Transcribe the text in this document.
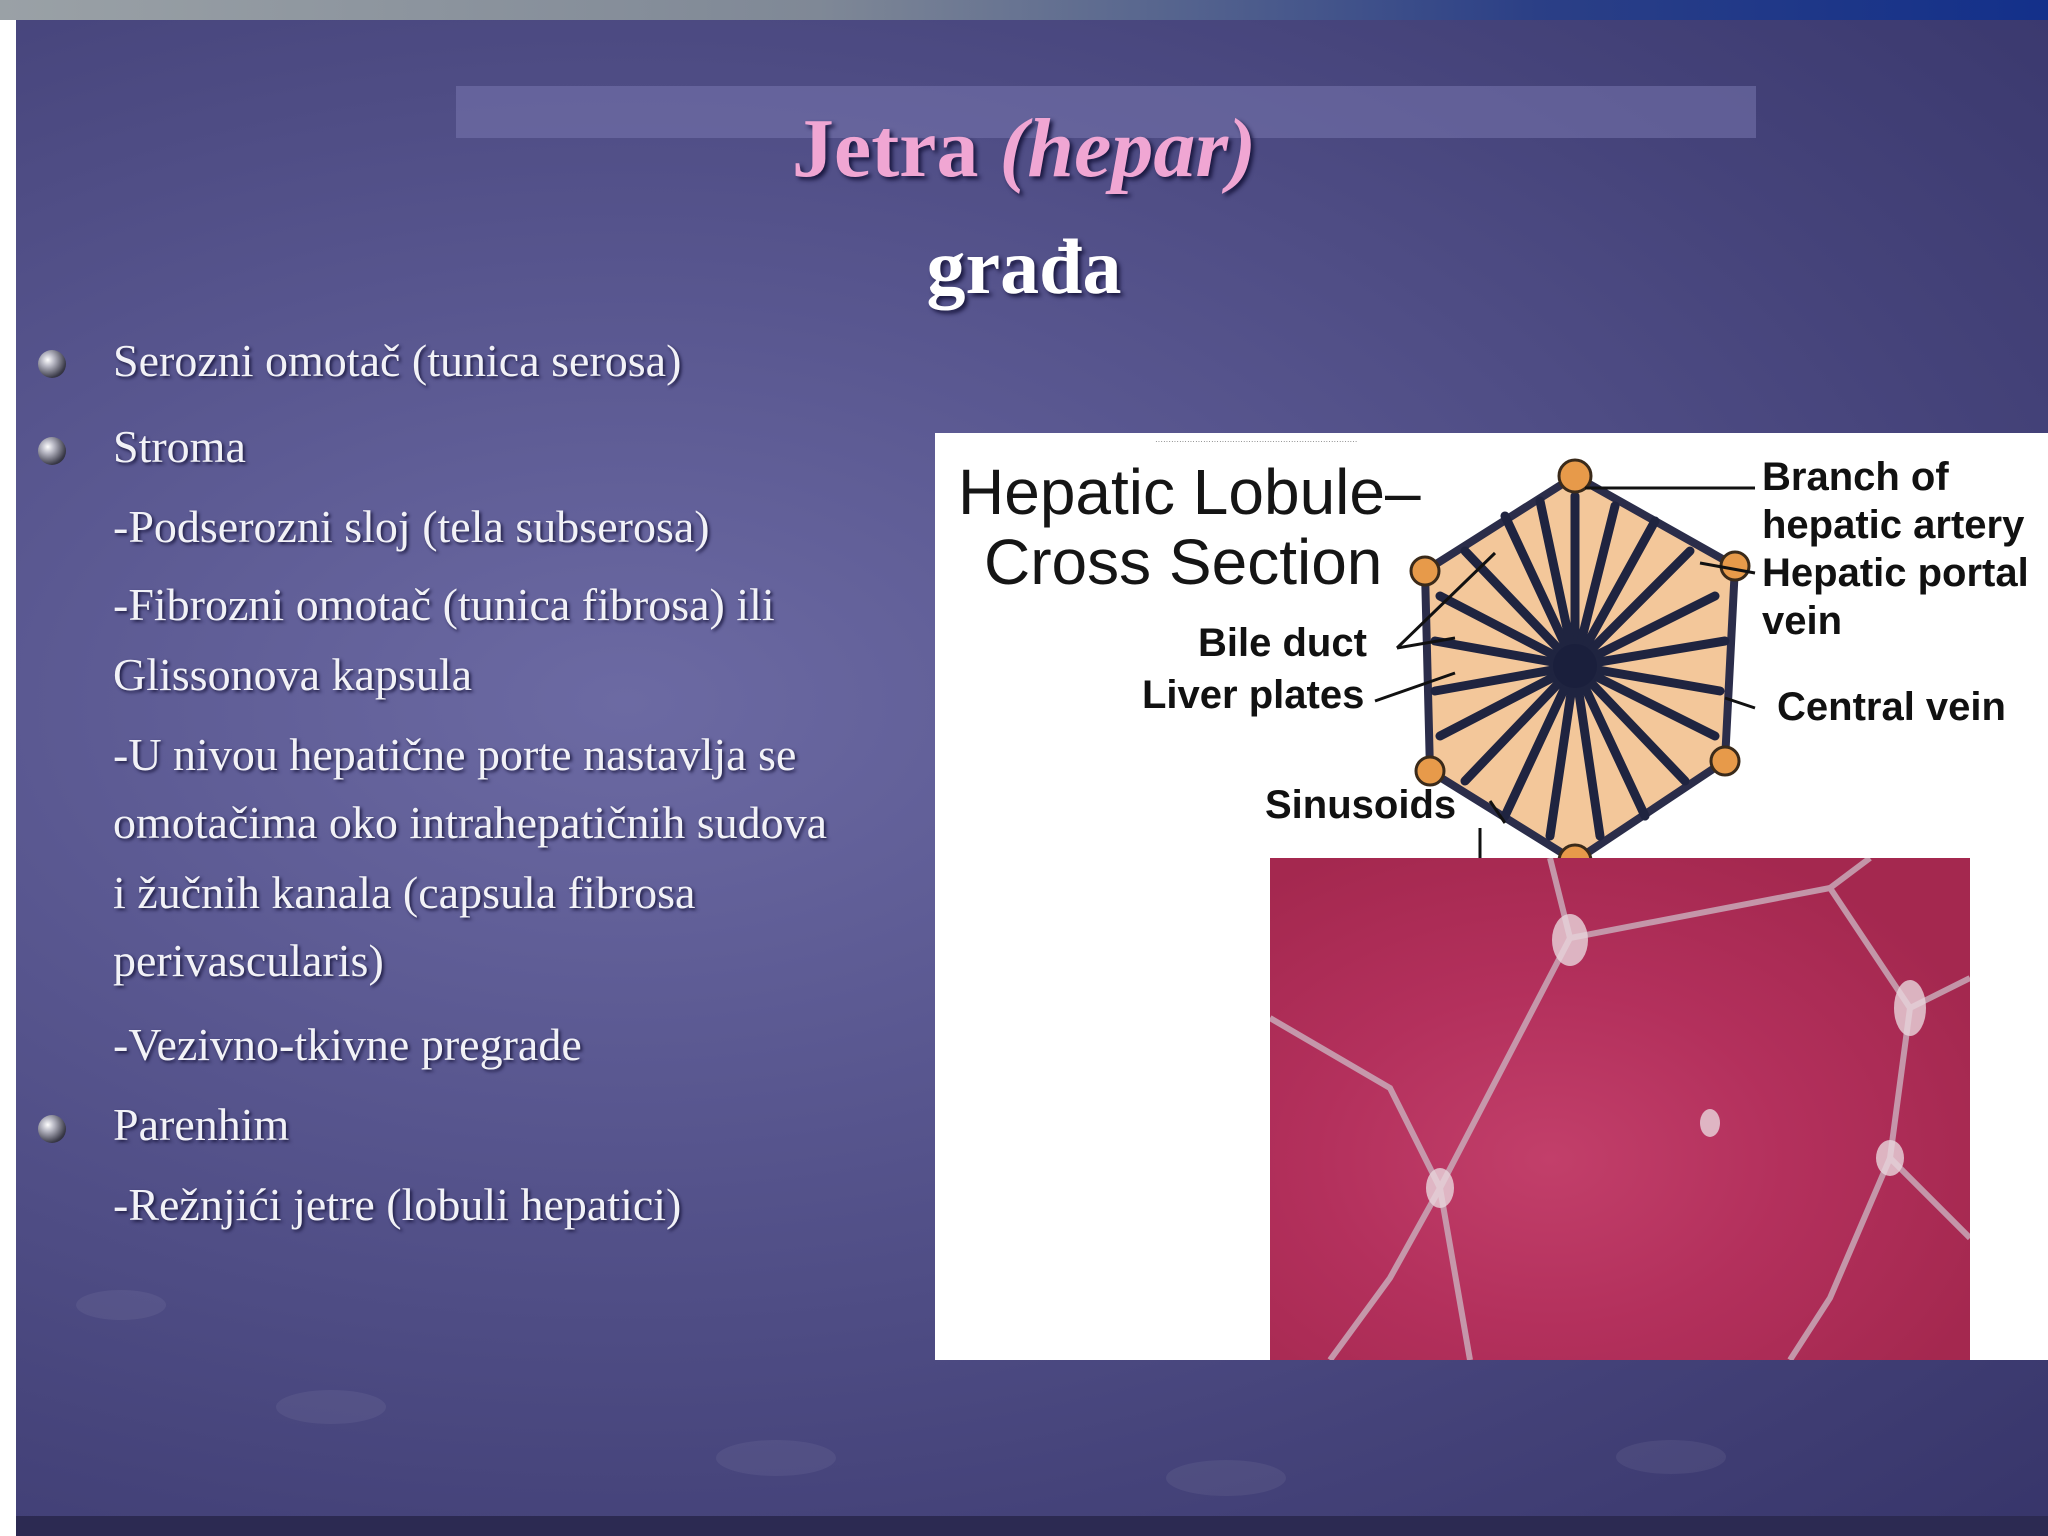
Jetra (hepar)
građa
Serozni omotač (tunica serosa)
Stroma
-Podserozni sloj (tela subserosa)
-Fibrozni omotač (tunica fibrosa) ili
Glissonova kapsula
-U nivou hepatične porte nastavlja se
omotačima oko intrahepatičnih sudova
i žučnih kanala (capsula fibrosa
perivascularis)
-Vezivno-tkivne pregrade
Parenhim
-Režnjići jetre (lobuli hepatici)
············································································
Hepatic Lobule–
Cross Section
Branch of
hepatic artery
Hepatic portal
vein
Bile duct
Liver plates	Central vein
Sinusoids
